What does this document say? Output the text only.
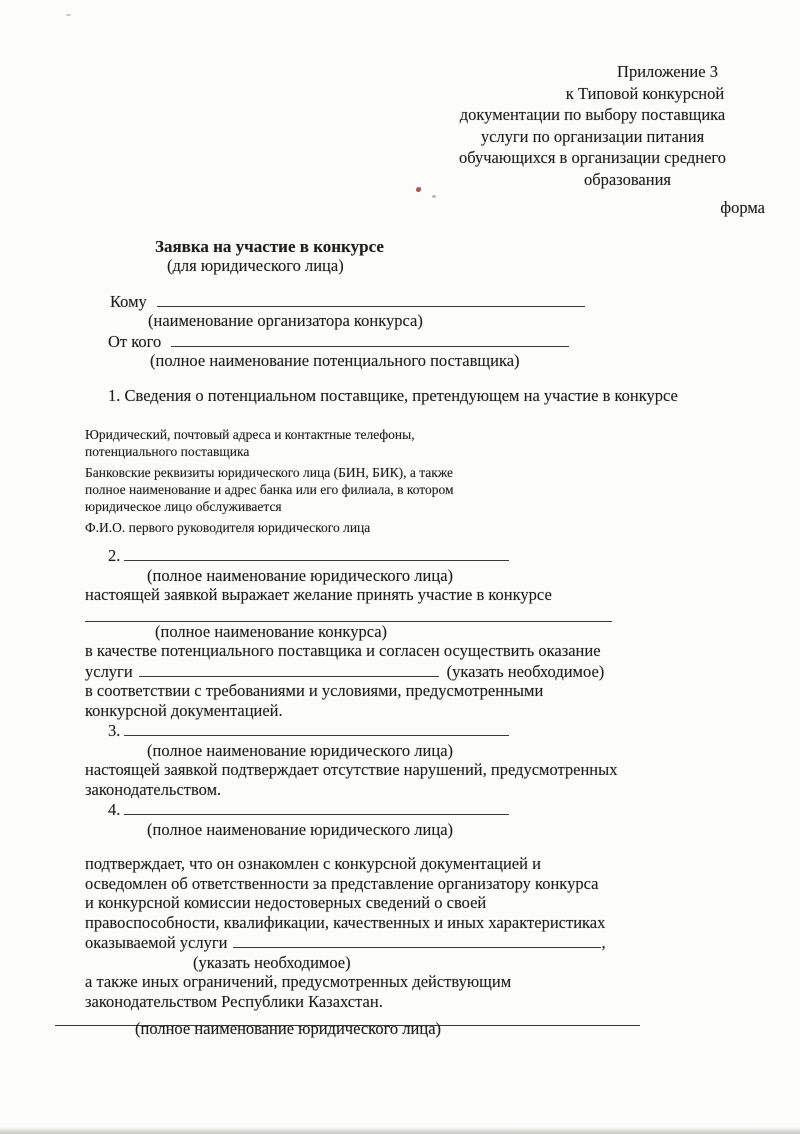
Приложение 3
к Типовой конкурсной
документации по выбору поставщика
услуги по организации питания
обучающихся в организации среднего
образования
форма
Заявка на участие в конкурсе
(для юридического лица)
Кому
(наименование организатора конкурса)
От кого
(полное наименование потенциального поставщика)
1. Сведения о потенциальном поставщике, претендующем на участие в конкурсе
Юридический, почтовый адреса и контактные телефоны,
потенциального поставщика
Банковские реквизиты юридического лица (БИН, БИК), а также
полное наименование и адрес банка или его филиала, в котором
юридическое лицо обслуживается
Ф.И.О. первого руководителя юридического лица
2.
(полное наименование юридического лица)
настоящей заявкой выражает желание принять участие в конкурсе
(полное наименование конкурса)
в качестве потенциального поставщика и согласен осуществить оказание
услуги	(указать необходимое)
в соответствии с требованиями и условиями, предусмотренными
конкурсной документацией.
3.
(полное наименование юридического лица)
настоящей заявкой подтверждает отсутствие нарушений, предусмотренных
законодательством.
4.
(полное наименование юридического лица)
подтверждает, что он ознакомлен с конкурсной документацией и
осведомлен об ответственности за представление организатору конкурса
и конкурсной комиссии недостоверных сведений о своей
правоспособности, квалификации, качественных и иных характеристиках
оказываемой услуги	,
(указать необходимое)
а также иных ограничений, предусмотренных действующим
законодательством Республики Казахстан.
(полное наименование юридического лица)
